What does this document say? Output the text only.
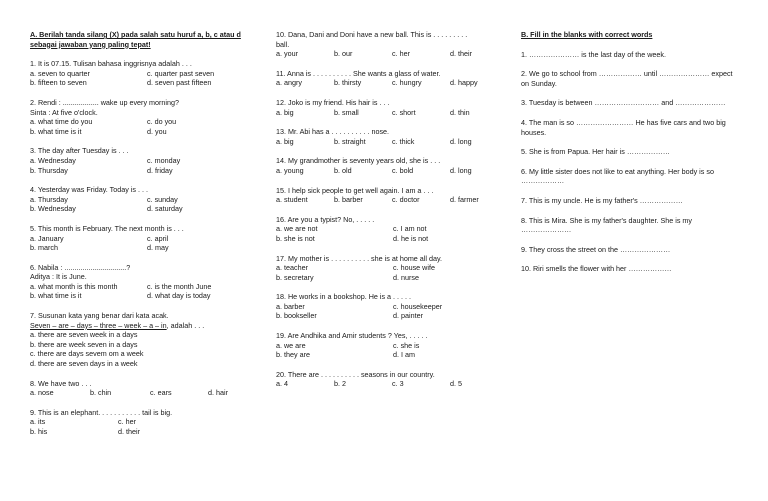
A. Berilah tanda silang (X) pada salah satu huruf a, b, c atau d
sebagai jawaban yang paling tepat!
1. It is 07.15. Tulisan bahasa inggrisnya adalah . . .
a. seven to quarter	c. quarter past seven
b. fifteen to seven	d. seven past fifteen
2. Rendi : .................. wake up every morning?
Sinta : At five o'clock.
a. what time do you	c. do you
b. what time is it	d. you
3. The day after Tuesday is . . .
a. Wednesday	c. monday
b. Thursday	d. friday
4. Yesterday was Friday. Today is . . .
a. Thursday	c. sunday
b. Wednesday	d. saturday
5. This month is February. The next month is . . .
a. January	c. april
b. march	d. may
6. Nabila : ...............................?
Aditya : It is June.
a. what month is this month	c. is the month June
b. what time is it	d. what day is today
7. Susunan kata yang benar dari kata acak.
Seven – are – days – three – week – a – in, adalah . . .
a. there are seven week in a days
b. there are week seven in a days
c. there are days sevem om a week
d. there are seven days in a week
8. We have two . . .
a. nose	b. chin	c. ears	d. hair
9. This is an elephant. . . . . . . . . . . tail is big.
a. its	c. her
b. his	d. their
10. Dana, Dani and Doni have a new ball. This is . . . . . . . . .
ball.
a. your	b. our	c. her	d. their
11. Anna is . . . . . . . . . . She wants a glass of water.
a. angry	b. thirsty	c. hungry	d. happy
12. Joko is my friend. His hair is . . .
a. big	b. small	c. short	d. thin
13. Mr. Abi has a . . . . . . . . . . nose.
a. big	b. straight	c. thick	d. long
14. My grandmother is seventy years old, she is . . .
a. young	b. old	c. bold	d. long
15. I help sick people to get well again. I am a . . .
a. student	b. barber	c. doctor	d. farmer
16. Are you a typist? No, . . . . .
a. we are not	c. I am not
b. she is not	d. he is not
17. My mother is . . . . . . . . . . she is at home all day.
a. teacher	c. house wife
b. secretary	d. nurse
18. He works in a bookshop. He is a . . . . .
a. barber	c. housekeeper
b. bookseller	d. painter
19. Are Andhika and Amir students ? Yes, . . . . .
a. we are	c. she is
b. they are	d. I am
20. There are . . . . . . . . . . seasons in our country.
a. 4	b. 2	c. 3	d. 5
B. Fill in the blanks with correct words
1. ………………… is the last day of the week.
2. We go to school from ……………… until ………………… expect
on Sunday.
3. Tuesday is between ……………………… and …………………
4. The man is so …………………… He has five cars and two big
houses.
5. She is from Papua. Her hair is ………………
6. My little sister does not like to eat anything. Her body is so
………………
7. This is my uncle. He is my father's ………………
8. This is Mira. She is my father's daughter. She is my
…………………
9. They cross the street on the …………………
10. Riri smells the flower with her ………………
